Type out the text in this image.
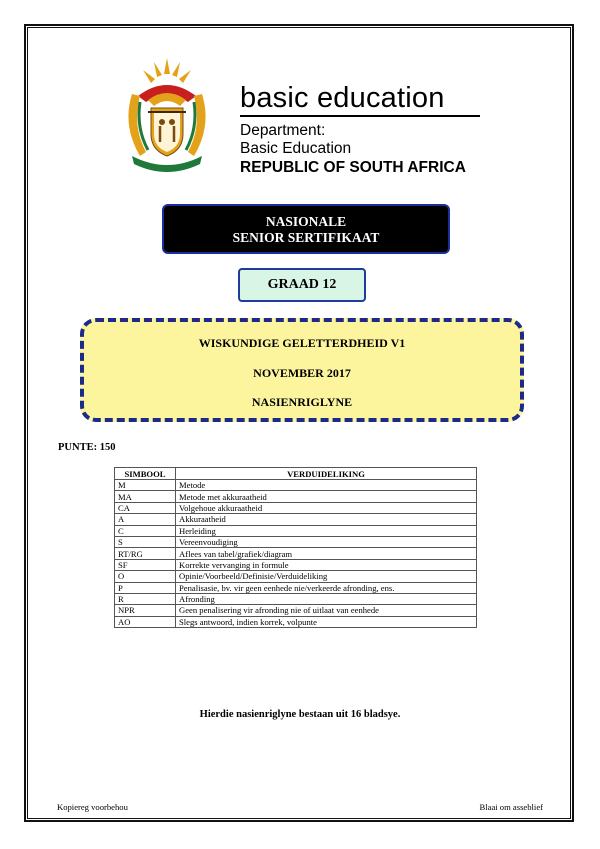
basic education
Department:
Basic Education
REPUBLIC OF SOUTH AFRICA
NASIONALE
SENIOR SERTIFIKAAT
GRAAD 12
WISKUNDIGE GELETTERDHEID V1
NOVEMBER 2017
NASIENRIGLYNE
PUNTE: 150
SIMBOOL	VERDUIDELIKING
M	Metode
MA	Metode met akkuraatheid
CA	Volgehoue akkuraatheid
A	Akkuraatheid
C	Herleiding
S	Vereenvoudiging
RT/RG	Aflees van tabel/grafiek/diagram
SF	Korrekte vervanging in formule
O	Opinie/Voorbeeld/Definisie/Verduideliking
P	Penalisasie, bv. vir geen eenhede nie/verkeerde afronding, ens.
R	Afronding
NPR	Geen penalisering vir afronding nie of uitlaat van eenhede
AO	Slegs antwoord, indien korrek, volpunte
Hierdie nasienriglyne bestaan uit 16 bladsye.
Kopiereg voorbehou	Blaai om asseblief
